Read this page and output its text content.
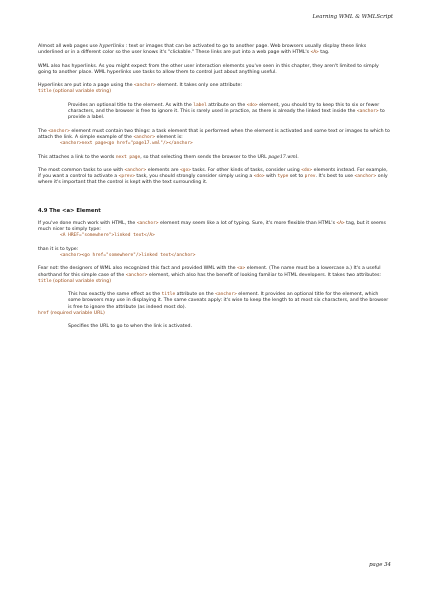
Learning WML & WMLScript

Almost all web pages use hyperlinks : text or images that can be activated to go to another page. Web browsers usually display these links underlined or in a different color so the user knows it's "clickable." These links are put into a web page with HTML's <A> tag.

WML also has hyperlinks. As you might expect from the other user interaction elements you've seen in this chapter, they aren't limited to simply going to another place. WML hyperlinks use tasks to allow them to control just about anything useful.

Hyperlinks are put into a page using the <anchor> element. It takes only one attribute:

title (optional variable string)

Provides an optional title to the element. As with the label attribute on the <do> element, you should try to keep this to six or fewer characters, and the browser is free to ignore it. This is rarely used in practice, as there is already the linked text inside the <anchor> to provide a label.

The <anchor> element must contain two things: a task element that is performed when the element is activated and some text or images to which to attach the link. A simple example of the <anchor> element is:

<anchor>next page<go href="page17.wml"/></anchor>

This attaches a link to the words next page, so that selecting them sends the browser to the URL page17.wml.

The most common tasks to use with <anchor> elements are <go> tasks. For other kinds of tasks, consider using <do> elements instead. For example, if you want a control to activate a <prev> task, you should strongly consider simply using a <do> with type set to prev. It's best to use <anchor> only where it's important that the control is kept with the text surrounding it.

4.9 The <a> Element

If you've done much work with HTML, the <anchor> element may seem like a lot of typing. Sure, it's more flexible than HTML's <A> tag, but it seems much nicer to simply type:

<A HREF="somewhere">linked text</A>

than it is to type:

<anchor><go href="somewhere"/>linked text</anchor>

Fear not: the designers of WML also recognized this fact and provided WML with the <a> element. (The name must be a lowercase a.) It's a useful shorthand for this simple case of the <anchor> element, which also has the benefit of looking familiar to HTML developers. It takes two attributes:

title (optional variable string)

This has exactly the same effect as the title attribute on the <anchor> element. It provides an optional title for the element, which some browsers may use in displaying it. The same caveats apply: it's wise to keep the length to at most six characters, and the browser is free to ignore the attribute (as indeed most do).

href (required variable URL)

Specifies the URL to go to when the link is activated.

page 34
